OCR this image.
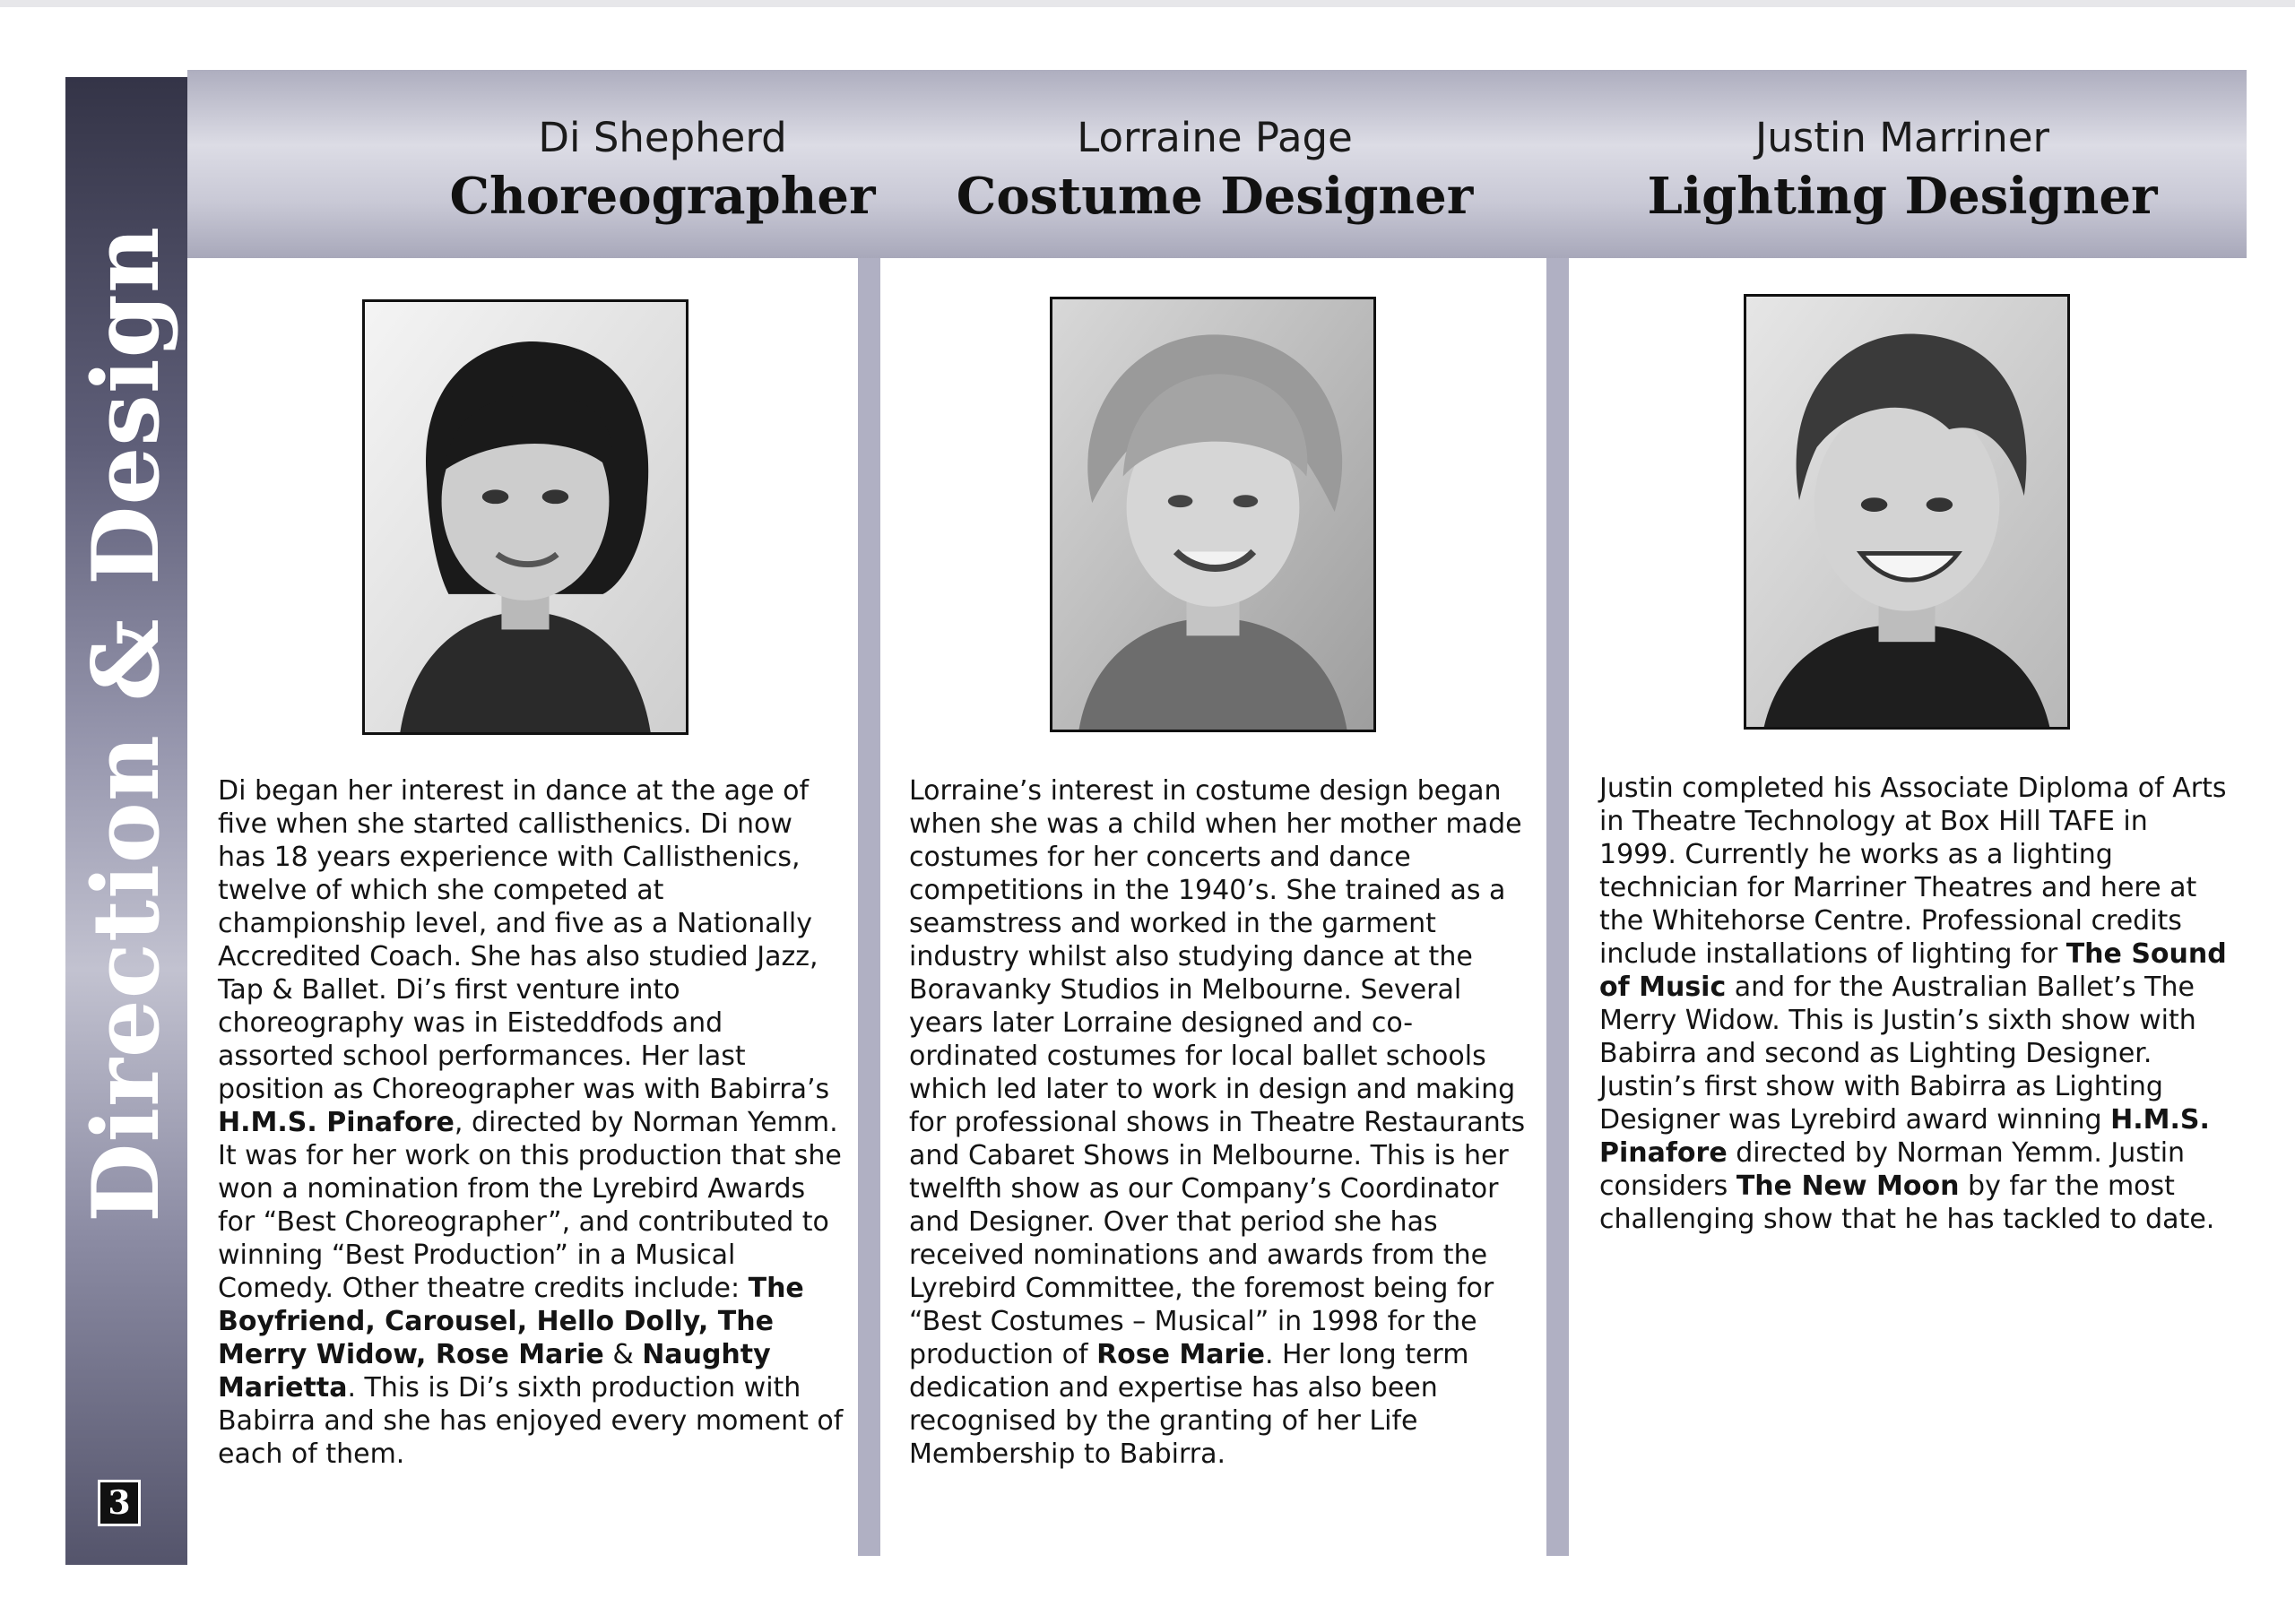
Direction & Design
3
Di Shepherd
Choreographer
Lorraine Page
Costume Designer
Justin Marriner
Lighting Designer

Di began her interest in dance at the age of five when she started callisthenics. Di now has 18 years experience with Callisthenics, twelve of which she competed at championship level, and five as a Nationally Accredited Coach. She has also studied Jazz, Tap & Ballet. Di’s first venture into choreography was in Eisteddfods and assorted school performances. Her last position as Choreographer was with Babirra’s H.M.S. Pinafore, directed by Norman Yemm. It was for her work on this production that she won a nomination from the Lyrebird Awards for “Best Choreographer”, and contributed to winning “Best Production” in a Musical Comedy. Other theatre credits include: The Boyfriend, Carousel, Hello Dolly, The Merry Widow, Rose Marie & Naughty Marietta. This is Di’s sixth production with Babirra and she has enjoyed every moment of each of them.

Lorraine’s interest in costume design began when she was a child when her mother made costumes for her concerts and dance competitions in the 1940’s. She trained as a seamstress and worked in the garment industry whilst also studying dance at the Boravanky Studios in Melbourne. Several years later Lorraine designed and co-ordinated costumes for local ballet schools which led later to work in design and making for professional shows in Theatre Restaurants and Cabaret Shows in Melbourne. This is her twelfth show as our Company’s Coordinator and Designer. Over that period she has received nominations and awards from the Lyrebird Committee, the foremost being for “Best Costumes – Musical” in 1998 for the production of Rose Marie. Her long term dedication and expertise has also been recognised by the granting of her Life Membership to Babirra.

Justin completed his Associate Diploma of Arts in Theatre Technology at Box Hill TAFE in 1999. Currently he works as a lighting technician for Marriner Theatres and here at the Whitehorse Centre. Professional credits include installations of lighting for The Sound of Music and for the Australian Ballet’s The Merry Widow. This is Justin’s sixth show with Babirra and second as Lighting Designer. Justin’s first show with Babirra as Lighting Designer was Lyrebird award winning H.M.S. Pinafore directed by Norman Yemm. Justin considers The New Moon by far the most challenging show that he has tackled to date.
